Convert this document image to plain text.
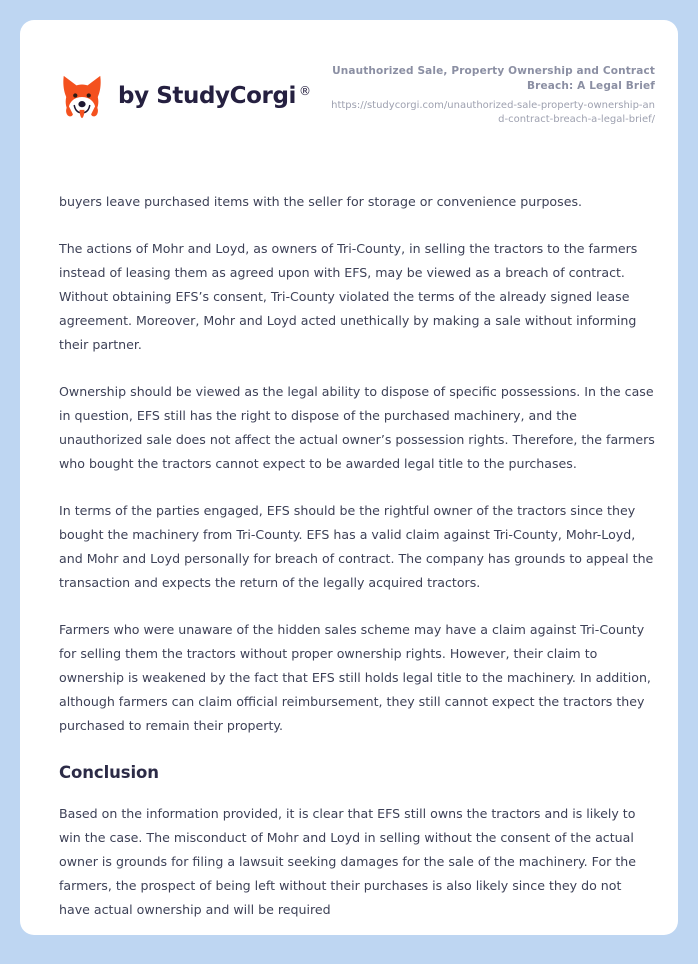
by StudyCorgi ®
Unauthorized Sale, Property Ownership and Contract Breach: A Legal Brief
https://studycorgi.com/unauthorized-sale-property-ownership-and-contract-breach-a-legal-brief/

buyers leave purchased items with the seller for storage or convenience purposes.

The actions of Mohr and Loyd, as owners of Tri-County, in selling the tractors to the farmers instead of leasing them as agreed upon with EFS, may be viewed as a breach of contract. Without obtaining EFS’s consent, Tri-County violated the terms of the already signed lease agreement. Moreover, Mohr and Loyd acted unethically by making a sale without informing their partner.

Ownership should be viewed as the legal ability to dispose of specific possessions. In the case in question, EFS still has the right to dispose of the purchased machinery, and the unauthorized sale does not affect the actual owner’s possession rights. Therefore, the farmers who bought the tractors cannot expect to be awarded legal title to the purchases.

In terms of the parties engaged, EFS should be the rightful owner of the tractors since they bought the machinery from Tri-County. EFS has a valid claim against Tri-County, Mohr-Loyd, and Mohr and Loyd personally for breach of contract. The company has grounds to appeal the transaction and expects the return of the legally acquired tractors.

Farmers who were unaware of the hidden sales scheme may have a claim against Tri-County for selling them the tractors without proper ownership rights. However, their claim to ownership is weakened by the fact that EFS still holds legal title to the machinery. In addition, although farmers can claim official reimbursement, they still cannot expect the tractors they purchased to remain their property.

Conclusion

Based on the information provided, it is clear that EFS still owns the tractors and is likely to win the case. The misconduct of Mohr and Loyd in selling without the consent of the actual owner is grounds for filing a lawsuit seeking damages for the sale of the machinery. For the farmers, the prospect of being left without their purchases is also likely since they do not have actual ownership and will be required
